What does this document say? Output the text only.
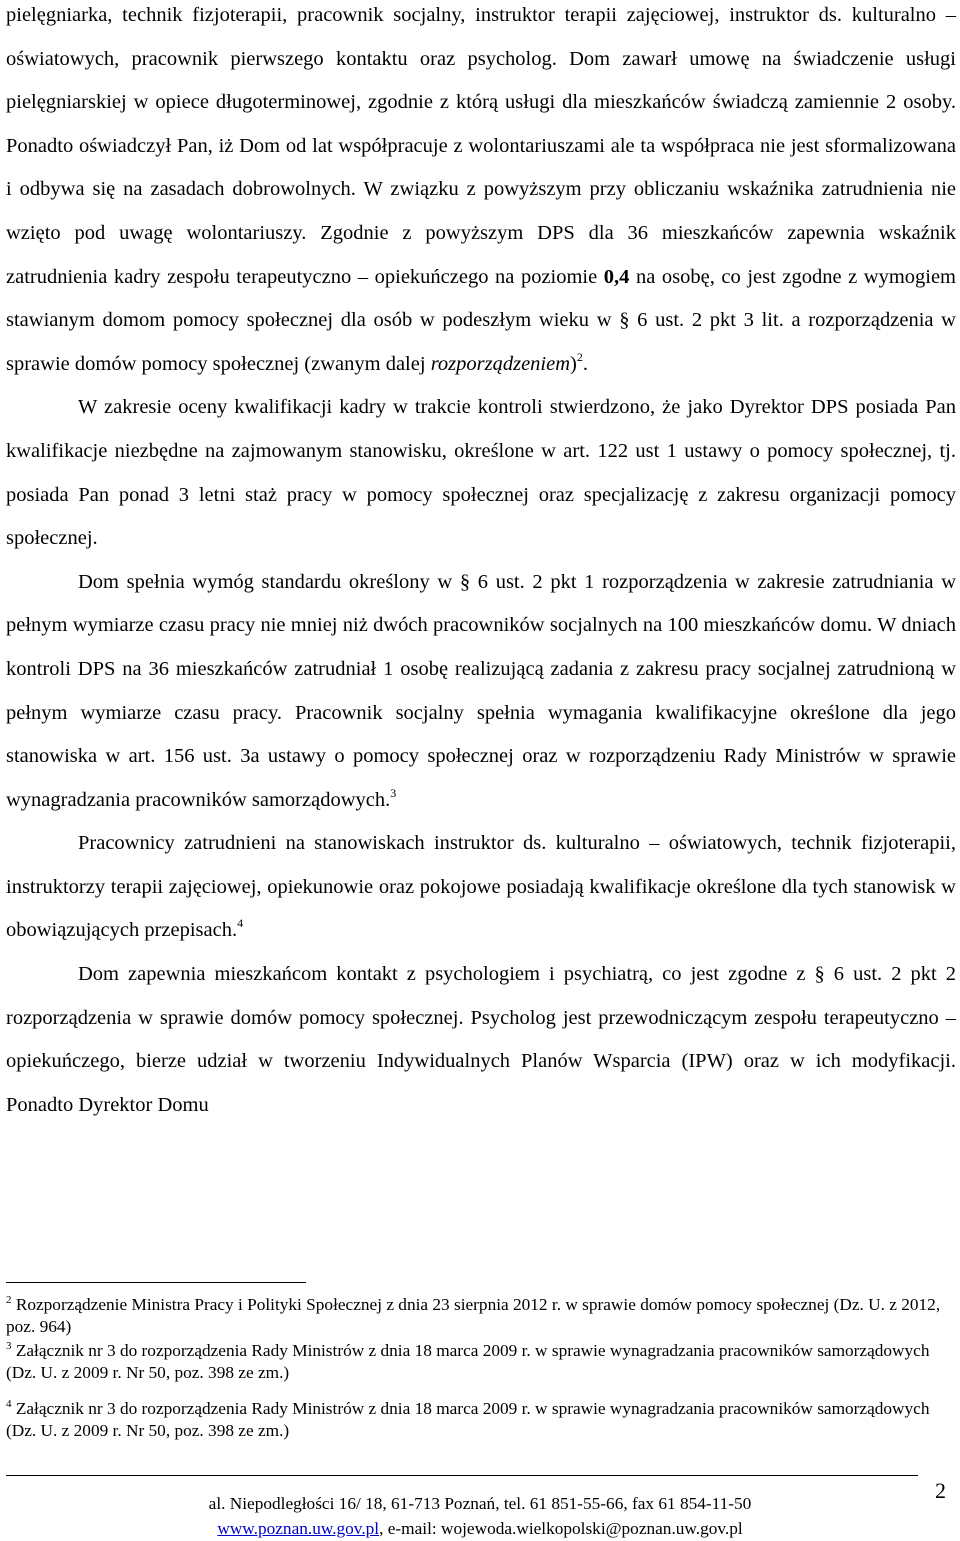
pielęgniarka, technik fizjoterapii, pracownik socjalny, instruktor terapii zajęciowej, instruktor ds. kulturalno – oświatowych, pracownik pierwszego kontaktu oraz psycholog. Dom zawarł umowę na świadczenie usługi pielęgniarskiej w opiece długoterminowej, zgodnie z którą usługi dla mieszkańców świadczą zamiennie 2 osoby. Ponadto oświadczył Pan, iż Dom od lat współpracuje z wolontariuszami ale ta współpraca nie jest sformalizowana i odbywa się na zasadach dobrowolnych. W związku z powyższym przy obliczaniu wskaźnika zatrudnienia nie wzięto pod uwagę wolontariuszy. Zgodnie z powyższym DPS dla 36 mieszkańców zapewnia wskaźnik zatrudnienia kadry zespołu terapeutyczno – opiekuńczego na poziomie 0,4 na osobę, co jest zgodne z wymogiem stawianym domom pomocy społecznej dla osób w podeszłym wieku w § 6 ust. 2 pkt 3 lit. a rozporządzenia w sprawie domów pomocy społecznej (zwanym dalej rozporządzeniem)$^2$.

W zakresie oceny kwalifikacji kadry w trakcie kontroli stwierdzono, że jako Dyrektor DPS posiada Pan kwalifikacje niezbędne na zajmowanym stanowisku, określone w art. 122 ust 1 ustawy o pomocy społecznej, tj. posiada Pan ponad 3 letni staż pracy w pomocy społecznej oraz specjalizację z zakresu organizacji pomocy społecznej.

Dom spełnia wymóg standardu określony w § 6 ust. 2 pkt 1 rozporządzenia w zakresie zatrudniania w pełnym wymiarze czasu pracy nie mniej niż dwóch pracowników socjalnych na 100 mieszkańców domu. W dniach kontroli DPS na 36 mieszkańców zatrudniał 1 osobę realizującą zadania z zakresu pracy socjalnej zatrudnioną w pełnym wymiarze czasu pracy. Pracownik socjalny spełnia wymagania kwalifikacyjne określone dla jego stanowiska w art. 156 ust. 3a ustawy o pomocy społecznej oraz w rozporządzeniu Rady Ministrów w sprawie wynagradzania pracowników samorządowych.$^3$

Pracownicy zatrudnieni na stanowiskach instruktor ds. kulturalno – oświatowych, technik fizjoterapii, instruktorzy terapii zajęciowej, opiekunowie oraz pokojowe posiadają kwalifikacje określone dla tych stanowisk w obowiązujących przepisach.$^4$

Dom zapewnia mieszkańcom kontakt z psychologiem i psychiatrą, co jest zgodne z § 6 ust. 2 pkt 2 rozporządzenia w sprawie domów pomocy społecznej. Psycholog jest przewodniczącym zespołu terapeutyczno – opiekuńczego, bierze udział w tworzeniu Indywidualnych Planów Wsparcia (IPW) oraz w ich modyfikacji. Ponadto Dyrektor Domu

$^2$ Rozporządzenie Ministra Pracy i Polityki Społecznej z dnia 23 sierpnia 2012 r. w sprawie domów pomocy społecznej (Dz. U. z 2012, poz. 964)

$^3$ Załącznik nr 3 do rozporządzenia Rady Ministrów z dnia 18 marca 2009 r. w sprawie wynagradzania pracowników samorządowych (Dz. U. z 2009 r. Nr 50, poz. 398 ze zm.)

$^4$ Załącznik nr 3 do rozporządzenia Rady Ministrów z dnia 18 marca 2009 r. w sprawie wynagradzania pracowników samorządowych (Dz. U. z 2009 r. Nr 50, poz. 398 ze zm.)

al. Niepodległości 16/ 18, 61-713 Poznań, tel. 61 851-55-66, fax 61 854-11-50
www.poznan.uw.gov.pl, e-mail: wojewoda.wielkopolski@poznan.uw.gov.pl
2
